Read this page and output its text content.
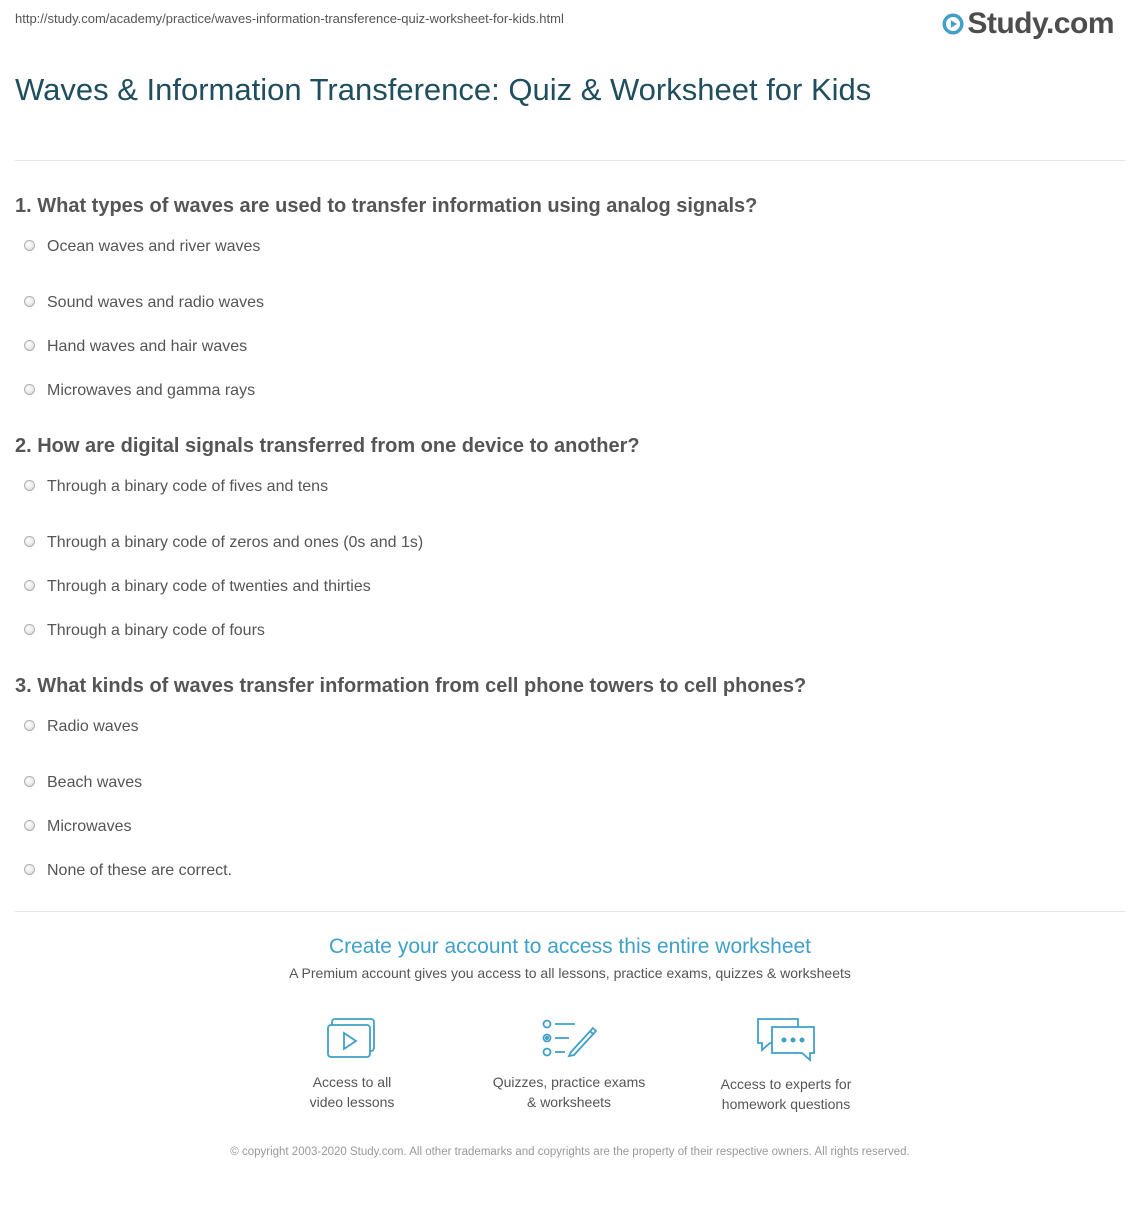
http://study.com/academy/practice/waves-information-transference-quiz-worksheet-for-kids.html	Study.com
Waves & Information Transference: Quiz & Worksheet for Kids
1. What types of waves are used to transfer information using analog signals?
Ocean waves and river waves
Sound waves and radio waves
Hand waves and hair waves
Microwaves and gamma rays
2. How are digital signals transferred from one device to another?
Through a binary code of fives and tens
Through a binary code of zeros and ones (0s and 1s)
Through a binary code of twenties and thirties
Through a binary code of fours
3. What kinds of waves transfer information from cell phone towers to cell phones?
Radio waves
Beach waves
Microwaves
None of these are correct.
Create your account to access this entire worksheet
A Premium account gives you access to all lessons, practice exams, quizzes & worksheets
Access to all
video lessons
Quizzes, practice exams
& worksheets
Access to experts for
homework questions
© copyright 2003-2020 Study.com. All other trademarks and copyrights are the property of their respective owners. All rights reserved.
